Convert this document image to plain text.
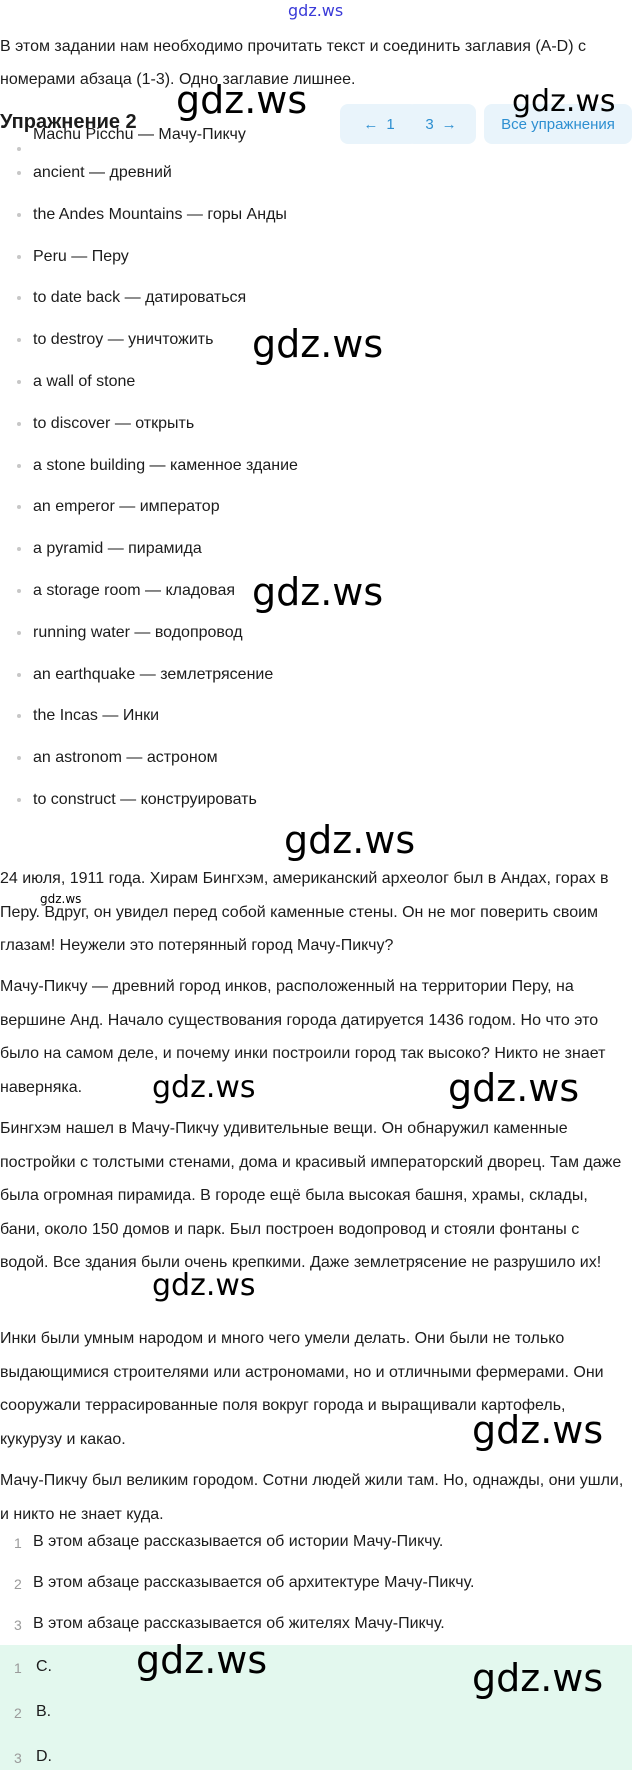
gdz.ws
В этом задании нам необходимо прочитать текст и соединить заглавия (A-D) с номерами абзаца (1-3). Одно заглавие лишнее.
Упражнение 2	← 1 3 →	Все упражнения
Machu Picchu — Мачу-Пикчу
ancient — древний
the Andes Mountains — горы Анды
Peru — Перу
to date back — датироваться
to destroy — уничтожить
a wall of stone
to discover — открыть
a stone building — каменное здание
an emperor — император
a pyramid — пирамида
a storage room — кладовая
running water — водопровод
an earthquake — землетрясение
the Incas — Инки
an astronom — астроном
to construct — конструировать
24 июля, 1911 года. Хирам Бингхэм, американский археолог был в Андах, горах в Перу. Вдруг, он увидел перед собой каменные стены. Он не мог поверить своим глазам! Неужели это потерянный город Мачу-Пикчу?
Мачу-Пикчу — древний город инков, расположенный на территории Перу, на вершине Анд. Начало существования города датируется 1436 годом. Но что это было на самом деле, и почему инки построили город так высоко? Никто не знает наверняка.
Бингхэм нашел в Мачу-Пикчу удивительные вещи. Он обнаружил каменные постройки с толстыми стенами, дома и красивый императорский дворец. Там даже была огромная пирамида. В городе ещё была высокая башня, храмы, склады, бани, около 150 домов и парк. Был построен водопровод и стояли фонтаны с водой. Все здания были очень крепкими. Даже землетрясение не разрушило их!
Инки были умным народом и много чего умели делать. Они были не только выдающимися строителями или астрономами, но и отличными фермерами. Они сооружали террасированные поля вокруг города и выращивали картофель, кукурузу и какао.
Мачу-Пикчу был великим городом. Сотни людей жили там. Но, однажды, они ушли, и никто не знает куда.
1 В этом абзаце рассказывается об истории Мачу-Пикчу.
2 В этом абзаце рассказывается об архитектуре Мачу-Пикчу.
3 В этом абзаце рассказывается об жителях Мачу-Пикчу.
1 C.
2 B.
3 D.
gdz.ws	gdz.ws
gdz.ws
gdz.ws
gdz.ws
gdz.ws
gdz.ws	gdz.ws
gdz.ws
gdz.ws
gdz.ws	gdz.ws
